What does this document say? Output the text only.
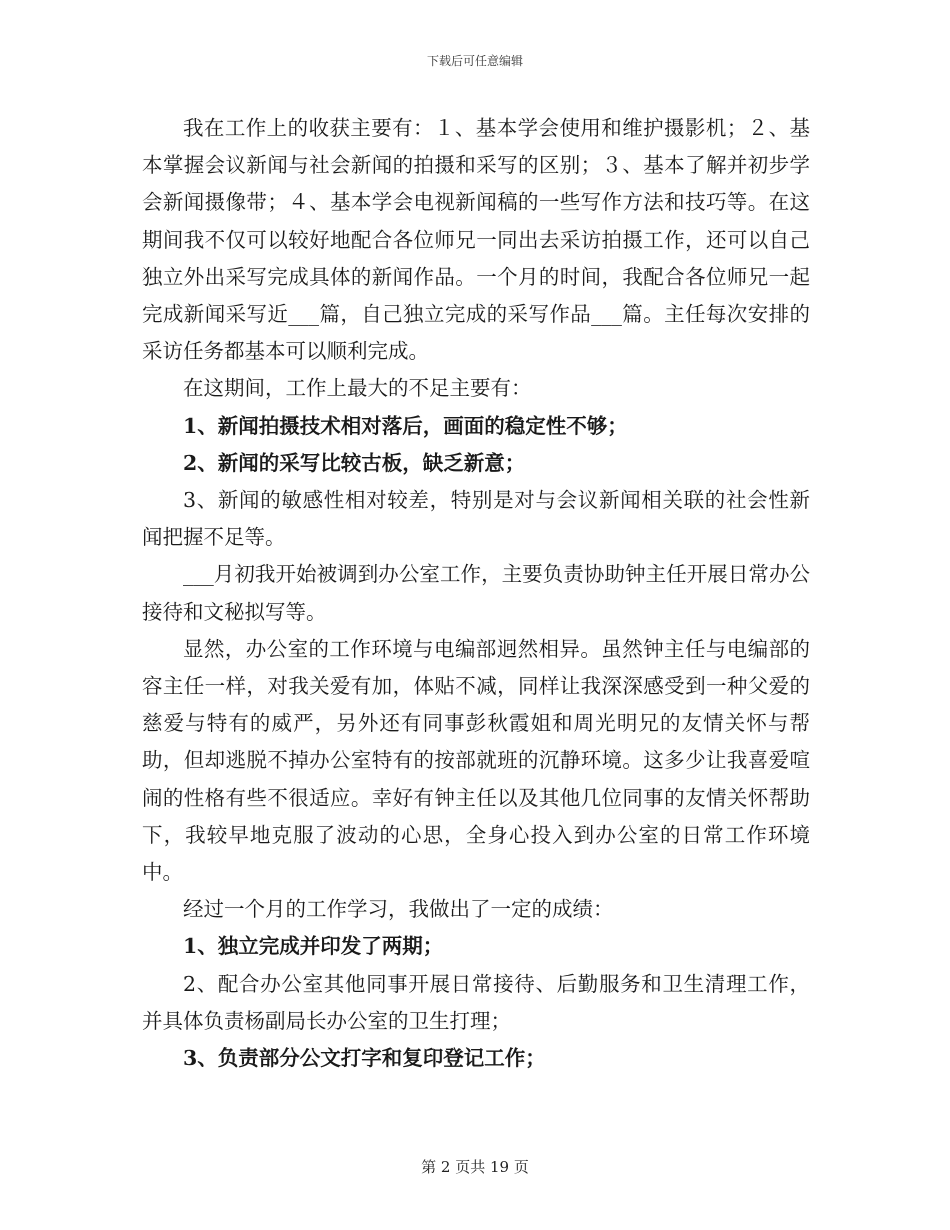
下载后可任意编辑

我在工作上的收获主要有：１、基本学会使用和维护摄影机；２、基本掌握会议新闻与社会新闻的拍摄和采写的区别；３、基本了解并初步学会新闻摄像带；４、基本学会电视新闻稿的一些写作方法和技巧等。在这期间我不仅可以较好地配合各位师兄一同出去采访拍摄工作，还可以自己独立外出采写完成具体的新闻作品。一个月的时间，我配合各位师兄一起完成新闻采写近___篇，自己独立完成的采写作品___篇。主任每次安排的采访任务都基本可以顺利完成。

在这期间，工作上最大的不足主要有：

1、新闻拍摄技术相对落后，画面的稳定性不够；

2、新闻的采写比较古板，缺乏新意；

3、新闻的敏感性相对较差，特别是对与会议新闻相关联的社会性新闻把握不足等。

___月初我开始被调到办公室工作，主要负责协助钟主任开展日常办公接待和文秘拟写等。

显然，办公室的工作环境与电编部迥然相异。虽然钟主任与电编部的容主任一样，对我关爱有加，体贴不减，同样让我深深感受到一种父爱的慈爱与特有的威严，另外还有同事彭秋霞姐和周光明兄的友情关怀与帮助，但却逃脱不掉办公室特有的按部就班的沉静环境。这多少让我喜爱喧闹的性格有些不很适应。幸好有钟主任以及其他几位同事的友情关怀帮助下，我较早地克服了波动的心思，全身心投入到办公室的日常工作环境中。

经过一个月的工作学习，我做出了一定的成绩：

1、独立完成并印发了两期；

2、配合办公室其他同事开展日常接待、后勤服务和卫生清理工作，并具体负责杨副局长办公室的卫生打理；

3、负责部分公文打字和复印登记工作；

第 2 页共 19 页
